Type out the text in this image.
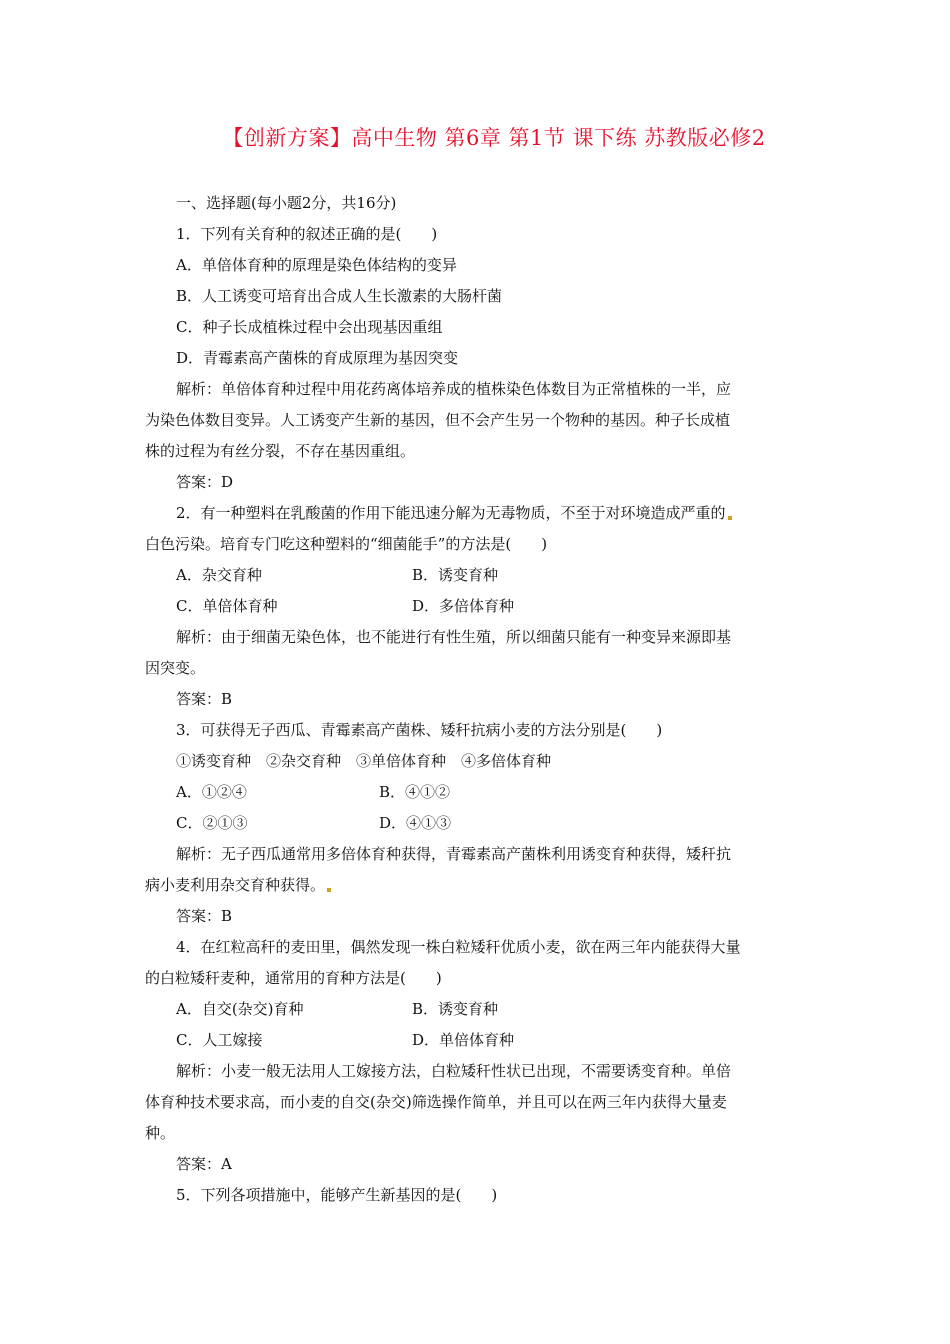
【创新方案】高中生物 第6章 第1节 课下练 苏教版必修2
一、选择题(每小题2分，共16分)
1．下列有关育种的叙述正确的是(　　)
A．单倍体育种的原理是染色体结构的变异
B．人工诱变可培育出合成人生长激素的大肠杆菌
C．种子长成植株过程中会出现基因重组
D．青霉素高产菌株的育成原理为基因突变
解析：单倍体育种过程中用花药离体培养成的植株染色体数目为正常植株的一半，应
为染色体数目变异。人工诱变产生新的基因，但不会产生另一个物种的基因。种子长成植
株的过程为有丝分裂，不存在基因重组。
答案：D
2．有一种塑料在乳酸菌的作用下能迅速分解为无毒物质，不至于对环境造成严重的
白色污染。培育专门吃这种塑料的“细菌能手”的方法是(　　)
A．杂交育种	B．诱变育种
C．单倍体育种	D．多倍体育种
解析：由于细菌无染色体，也不能进行有性生殖，所以细菌只能有一种变异来源即基
因突变。
答案：B
3．可获得无子西瓜、青霉素高产菌株、矮秆抗病小麦的方法分别是(　　)
①诱变育种　②杂交育种　③单倍体育种　④多倍体育种
A．①②④	B．④①②
C．②①③	D．④①③
解析：无子西瓜通常用多倍体育种获得，青霉素高产菌株利用诱变育种获得，矮秆抗
病小麦利用杂交育种获得。
答案：B
4．在红粒高秆的麦田里，偶然发现一株白粒矮秆优质小麦，欲在两三年内能获得大量
的白粒矮秆麦种，通常用的育种方法是(　　)
A．自交(杂交)育种	B．诱变育种
C．人工嫁接	D．单倍体育种
解析：小麦一般无法用人工嫁接方法，白粒矮秆性状已出现，不需要诱变育种。单倍
体育种技术要求高，而小麦的自交(杂交)筛选操作简单，并且可以在两三年内获得大量麦
种。
答案：A
5．下列各项措施中，能够产生新基因的是(　　)
